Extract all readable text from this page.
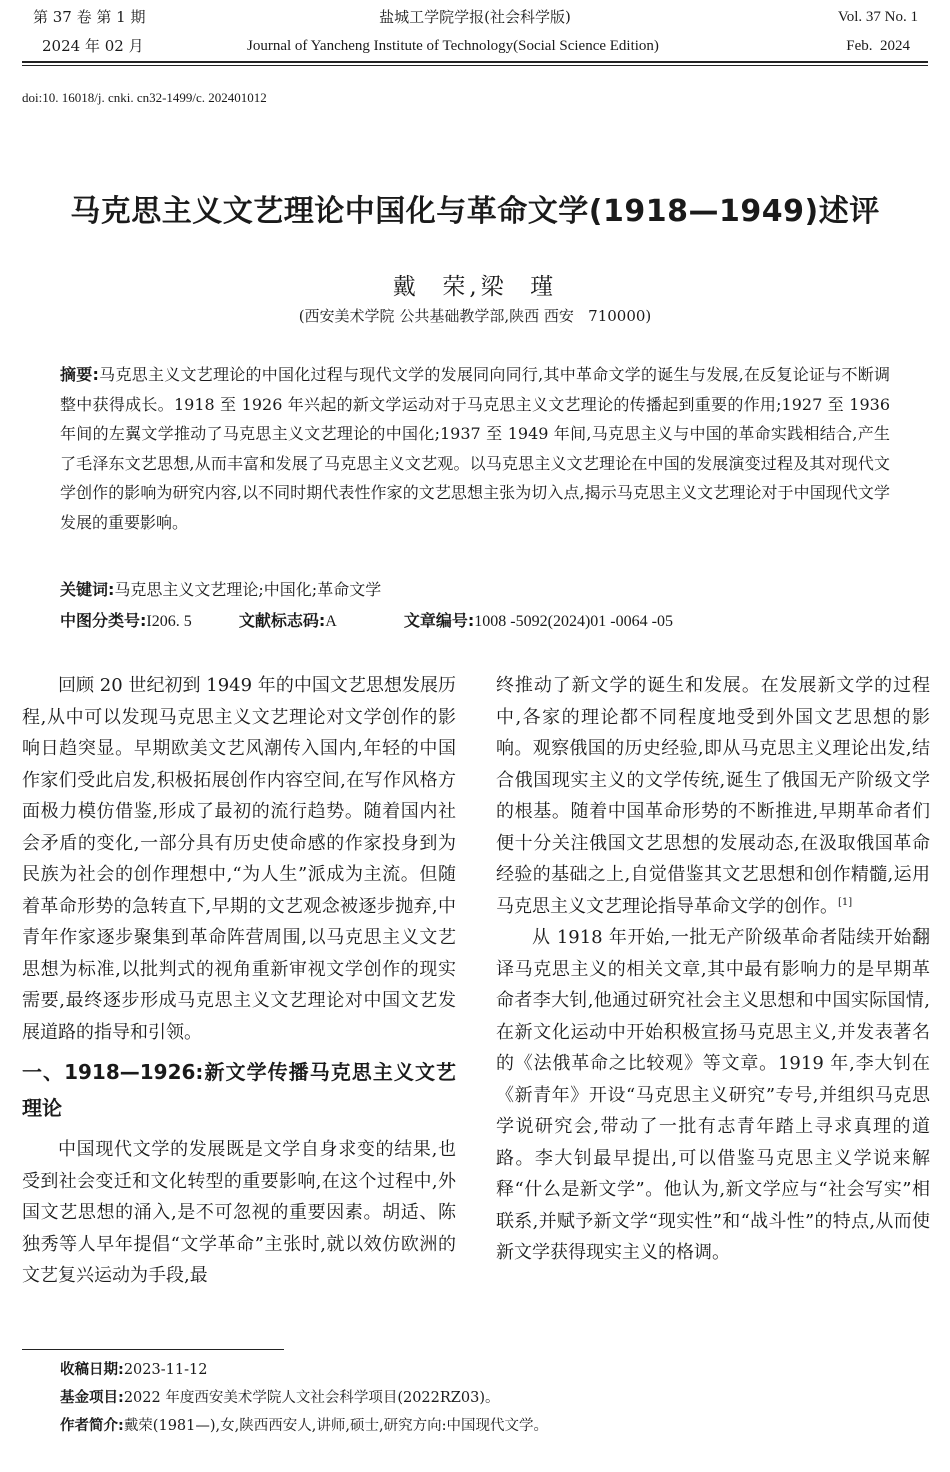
第 37 卷 第 1 期	盐城工学院学报(社会科学版)	Vol. 37 No. 1
2024 年 02 月	Journal of Yancheng Institute of Technology(Social Science Edition)	Feb.  2024
doi:10. 16018/j. cnki. cn32-1499/c. 202401012
马克思主义文艺理论中国化与革命文学(1918—1949)述评
戴  荣,梁  瑾
(西安美术学院 公共基础教学部,陕西 西安   710000)
摘要:马克思主义文艺理论的中国化过程与现代文学的发展同向同行,其中革命文学的诞生与发展,在反复论证与不断调整中获得成长。1918 至 1926 年兴起的新文学运动对于马克思主义文艺理论的传播起到重要的作用;1927 至 1936 年间的左翼文学推动了马克思主义文艺理论的中国化;1937 至 1949 年间,马克思主义与中国的革命实践相结合,产生了毛泽东文艺思想,从而丰富和发展了马克思主义文艺观。以马克思主义文艺理论在中国的发展演变过程及其对现代文学创作的影响为研究内容,以不同时期代表性作家的文艺思想主张为切入点,揭示马克思主义文艺理论对于中国现代文学发展的重要影响。
关键词:马克思主义文艺理论;中国化;革命文学
中图分类号:I206. 5	文献标志码:A	文章编号:1008 -5092(2024)01 -0064 -05

回顾 20 世纪初到 1949 年的中国文艺思想发展历程,从中可以发现马克思主义文艺理论对文学创作的影响日趋突显。早期欧美文艺风潮传入国内,年轻的中国作家们受此启发,积极拓展创作内容空间,在写作风格方面极力模仿借鉴,形成了最初的流行趋势。随着国内社会矛盾的变化,一部分具有历史使命感的作家投身到为民族为社会的创作理想中,“为人生”派成为主流。但随着革命形势的急转直下,早期的文艺观念被逐步抛弃,中青年作家逐步聚集到革命阵营周围,以马克思主义文艺思想为标准,以批判式的视角重新审视文学创作的现实需要,最终逐步形成马克思主义文艺理论对中国文艺发展道路的指导和引领。

一、1918—1926:新文学传播马克思主义文艺理论

中国现代文学的发展既是文学自身求变的结果,也受到社会变迁和文化转型的重要影响,在这个过程中,外国文艺思想的涌入,是不可忽视的重要因素。胡适、陈独秀等人早年提倡“文学革命”主张时,就以效仿欧洲的文艺复兴运动为手段,最

终推动了新文学的诞生和发展。在发展新文学的过程中,各家的理论都不同程度地受到外国文艺思想的影响。观察俄国的历史经验,即从马克思主义理论出发,结合俄国现实主义的文学传统,诞生了俄国无产阶级文学的根基。随着中国革命形势的不断推进,早期革命者们便十分关注俄国文艺思想的发展动态,在汲取俄国革命经验的基础之上,自觉借鉴其文艺思想和创作精髓,运用马克思主义文艺理论指导革命文学的创作。[1]

从 1918 年开始,一批无产阶级革命者陆续开始翻译马克思主义的相关文章,其中最有影响力的是早期革命者李大钊,他通过研究社会主义思想和中国实际国情,在新文化运动中开始积极宣扬马克思主义,并发表著名的《法俄革命之比较观》等文章。1919 年,李大钊在《新青年》开设“马克思主义研究”专号,并组织马克思学说研究会,带动了一批有志青年踏上寻求真理的道路。李大钊最早提出,可以借鉴马克思主义学说来解释“什么是新文学”。他认为,新文学应与“社会写实”相联系,并赋予新文学“现实性”和“战斗性”的特点,从而使新文学获得现实主义的格调。

收稿日期:2023-11-12
基金项目:2022 年度西安美术学院人文社会科学项目(2022RZ03)。
作者简介:戴荣(1981—),女,陕西西安人,讲师,硕士,研究方向:中国现代文学。
